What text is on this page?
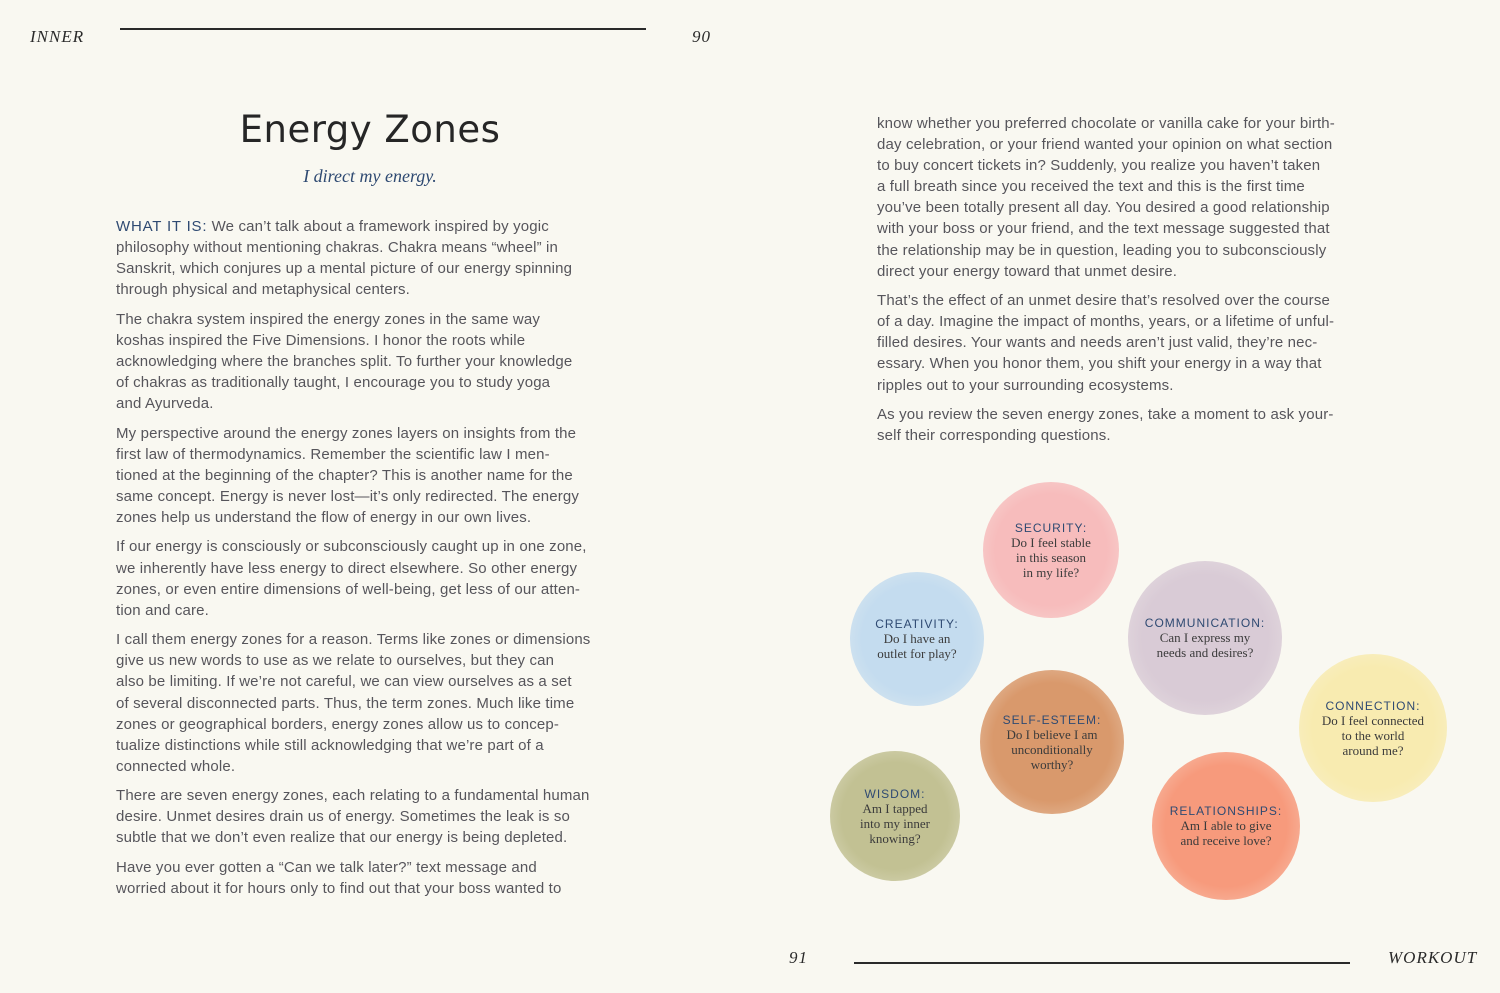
INNER	90
Energy Zones
I direct my energy.

WHAT IT IS: We can’t talk about a framework inspired by yogic
philosophy without mentioning chakras. Chakra means “wheel” in
Sanskrit, which conjures up a mental picture of our energy spinning
through physical and metaphysical centers.

The chakra system inspired the energy zones in the same way
koshas inspired the Five Dimensions. I honor the roots while
acknowledging where the branches split. To further your knowledge
of chakras as traditionally taught, I encourage you to study yoga
and Ayurveda.

My perspective around the energy zones layers on insights from the
first law of thermodynamics. Remember the scientific law I men-
tioned at the beginning of the chapter? This is another name for the
same concept. Energy is never lost—it’s only redirected. The energy
zones help us understand the flow of energy in our own lives.

If our energy is consciously or subconsciously caught up in one zone,
we inherently have less energy to direct elsewhere. So other energy
zones, or even entire dimensions of well-being, get less of our atten-
tion and care.

I call them energy zones for a reason. Terms like zones or dimensions
give us new words to use as we relate to ourselves, but they can
also be limiting. If we’re not careful, we can view ourselves as a set
of several disconnected parts. Thus, the term zones. Much like time
zones or geographical borders, energy zones allow us to concep-
tualize distinctions while still acknowledging that we’re part of a
connected whole.

There are seven energy zones, each relating to a fundamental human
desire. Unmet desires drain us of energy. Sometimes the leak is so
subtle that we don’t even realize that our energy is being depleted.

Have you ever gotten a “Can we talk later?” text message and
worried about it for hours only to find out that your boss wanted to

know whether you preferred chocolate or vanilla cake for your birth-
day celebration, or your friend wanted your opinion on what section
to buy concert tickets in? Suddenly, you realize you haven’t taken
a full breath since you received the text and this is the first time
you’ve been totally present all day. You desired a good relationship
with your boss or your friend, and the text message suggested that
the relationship may be in question, leading you to subconsciously
direct your energy toward that unmet desire.

That’s the effect of an unmet desire that’s resolved over the course
of a day. Imagine the impact of months, years, or a lifetime of unful-
filled desires. Your wants and needs aren’t just valid, they’re nec-
essary. When you honor them, you shift your energy in a way that
ripples out to your surrounding ecosystems.

As you review the seven energy zones, take a moment to ask your-
self their corresponding questions.

SECURITY:
Do I feel stable
in this season
in my life?
CREATIVITY:
Do I have an
outlet for play?
COMMUNICATION:
Can I express my
needs and desires?
SELF-ESTEEM:
Do I believe I am
unconditionally
worthy?
CONNECTION:
Do I feel connected
to the world
around me?
WISDOM:
Am I tapped
into my inner
knowing?
RELATIONSHIPS:
Am I able to give
and receive love?
91	WORKOUT
